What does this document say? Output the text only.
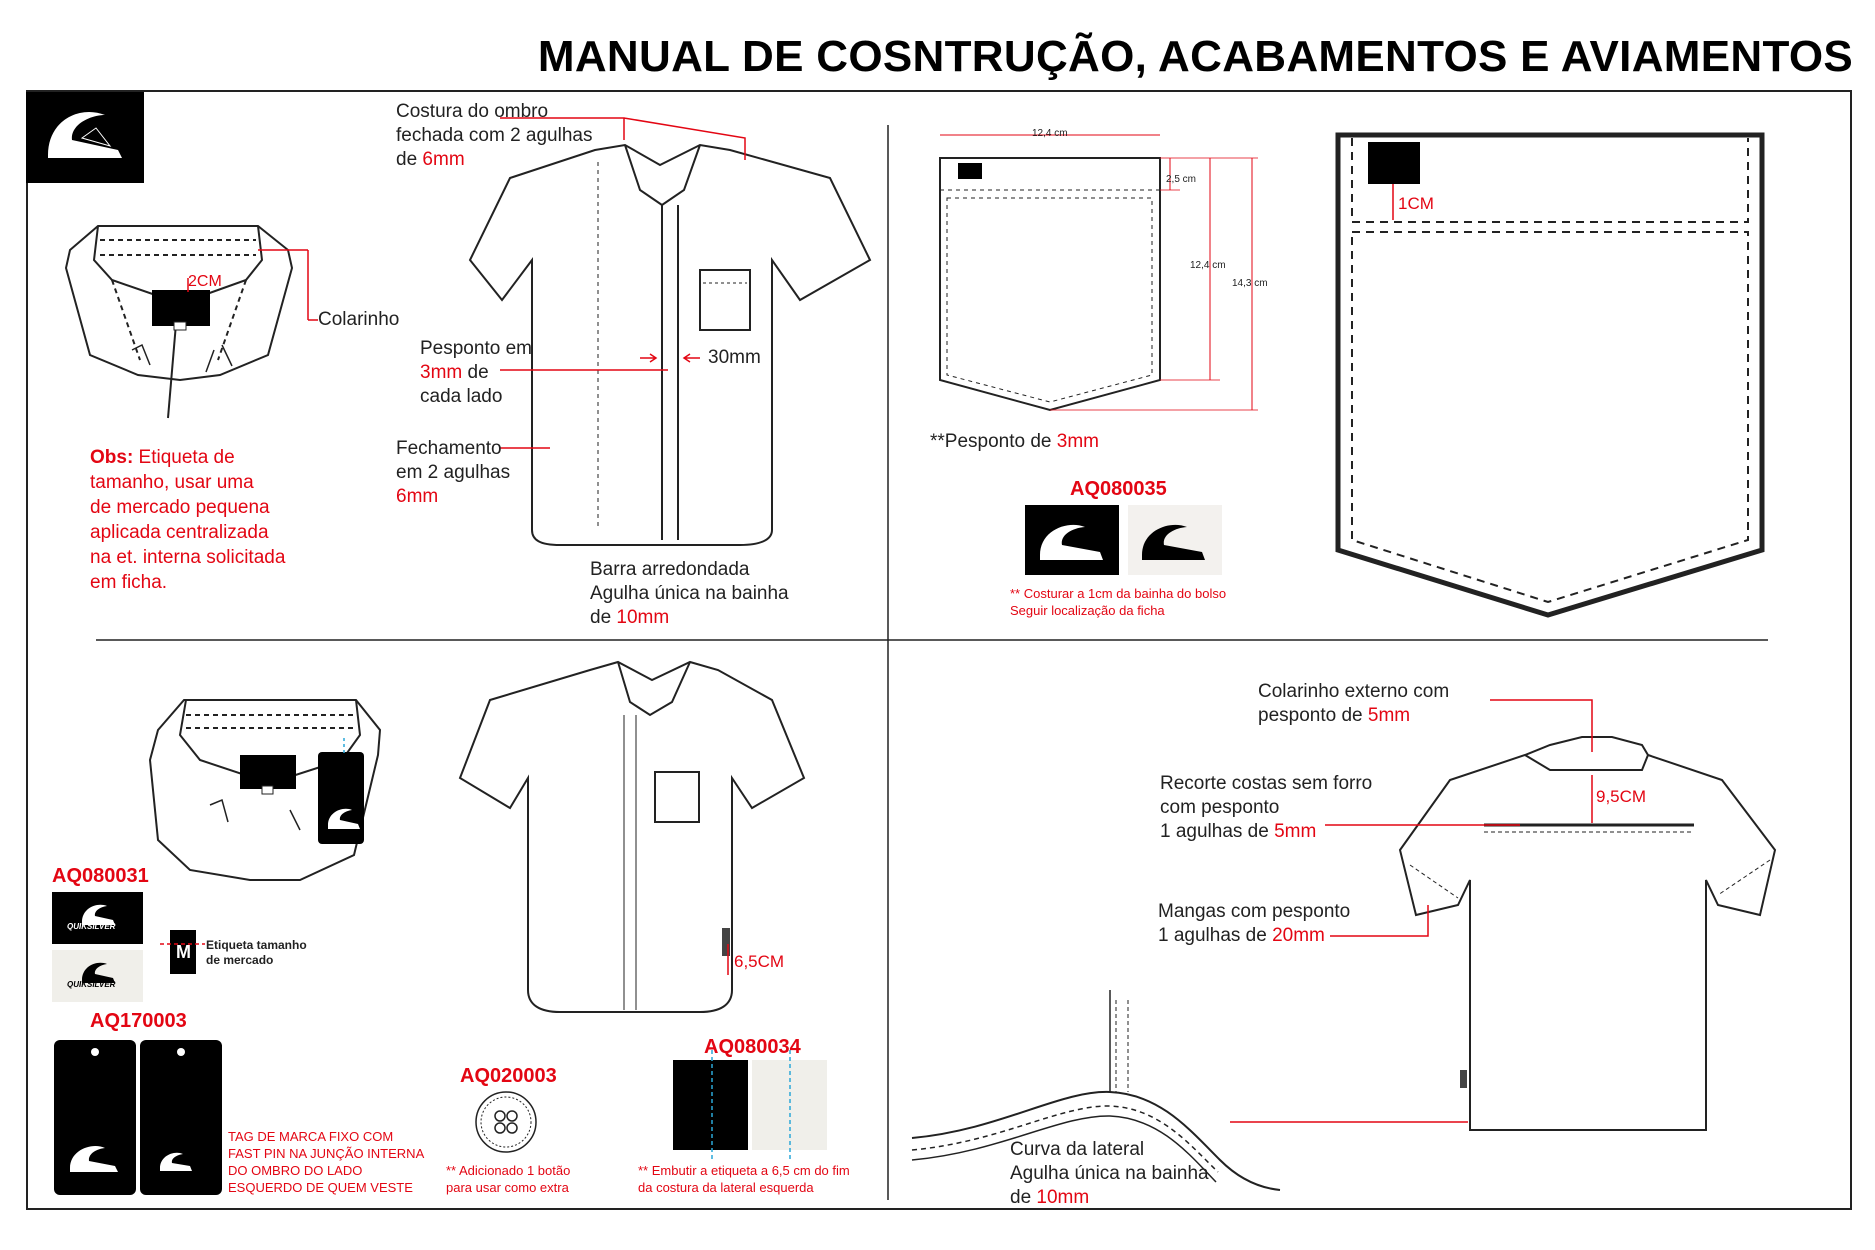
MANUAL DE COSNTRUÇÃO, ACABAMENTOS E AVIAMENTOS
2CM
Colarinho
Obs: Etiqueta de
tamanho, usar uma
de mercado pequena
aplicada centralizada
na et. interna solicitada
em ficha.
Costura do ombro
fechada com 2 agulhas
de 6mm
Pesponto em
3mm de
cada lado
30mm
Fechamento
em 2 agulhas
6mm
Barra arredondada
Agulha única na bainha
de 10mm
12,4 cm
2,5 cm
12,4 cm
14,3 cm
**Pesponto de 3mm
AQ080035
** Costurar a 1cm da bainha do bolso
Seguir localização da ficha
1CM
AQ080031
M Etiqueta tamanho
de mercado
AQ170003
TAG DE MARCA FIXO COM
FAST PIN NA JUNÇÃO INTERNA
DO OMBRO DO LADO
ESQUERDO DE QUEM VESTE
QUIKSILVER
QUIKSILVER
6,5CM
AQ020003
** Adicionado 1 botão
para usar como extra
AQ080034
** Embutir a etiqueta a 6,5 cm do fim
da costura da lateral esquerda
Colarinho externo com
pesponto de 5mm
Recorte costas sem forro
com pesponto
1 agulhas de 5mm
9,5CM
Mangas com pesponto
1 agulhas de 20mm
Curva da lateral
Agulha única na bainha
de 10mm
